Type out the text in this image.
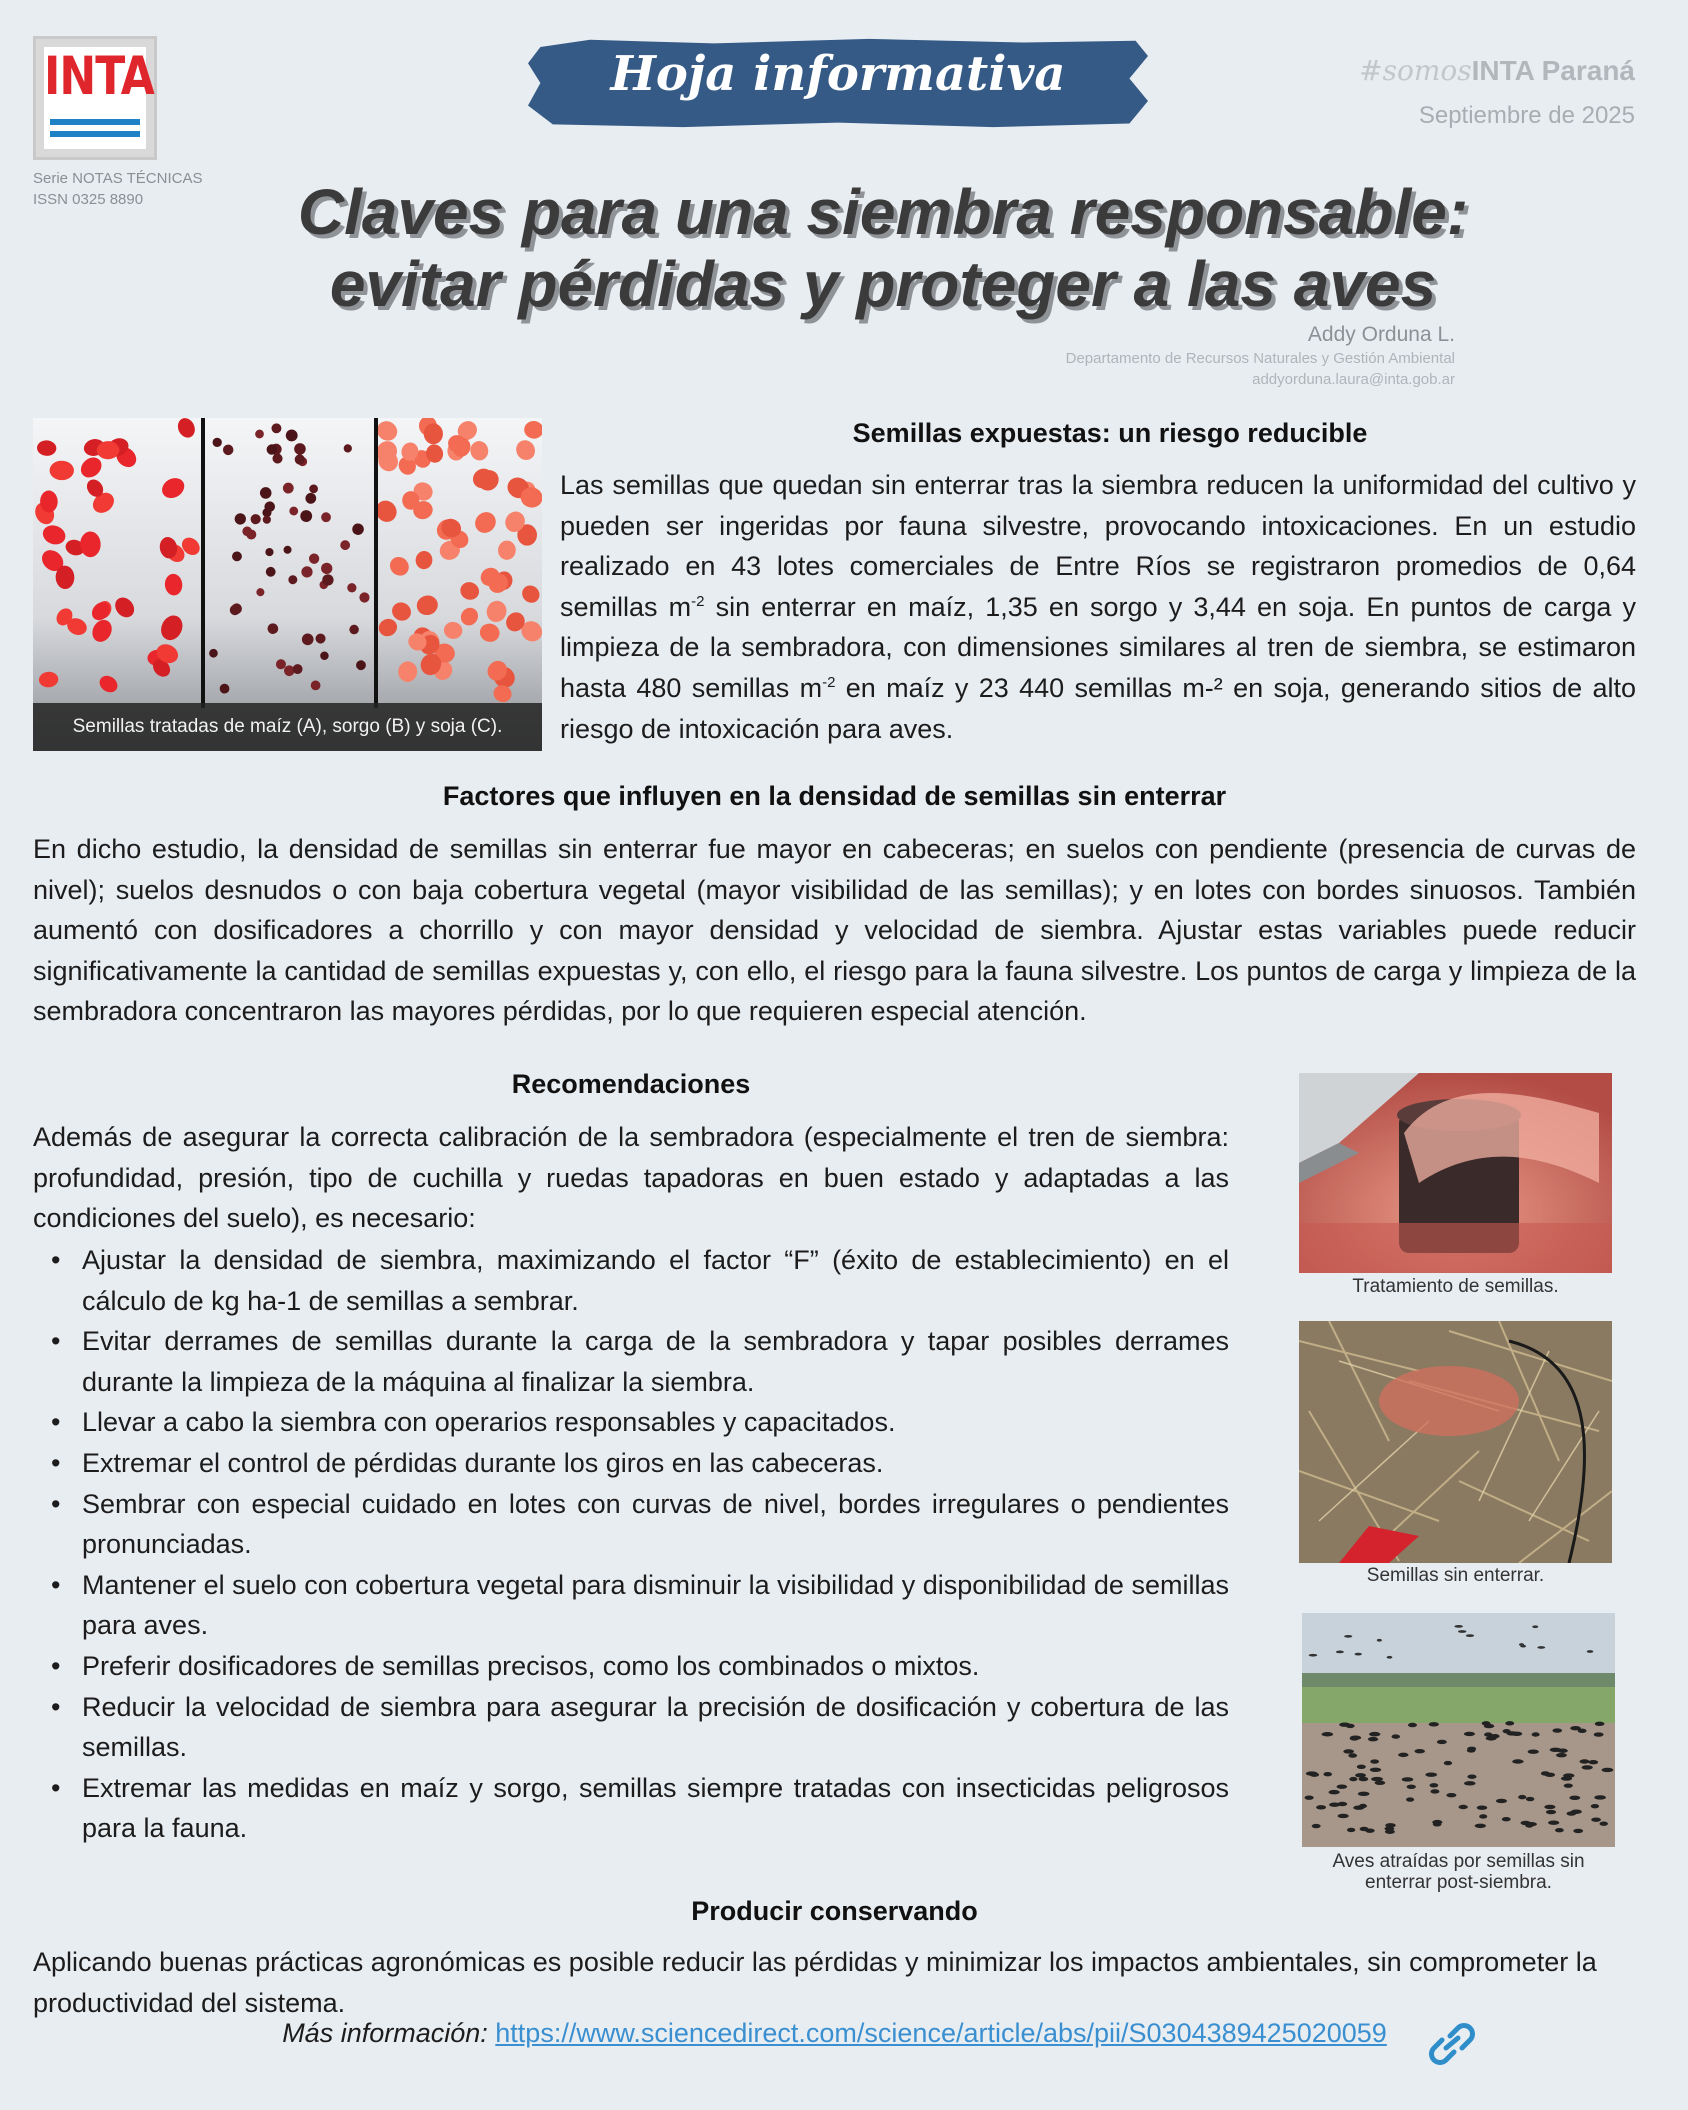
INTA
Serie NOTAS TÉCNICAS
ISSN 0325 8890
Hoja informativa	#somosINTA Paraná
Septiembre de 2025
Claves para una siembra responsable:
evitar pérdidas y proteger a las aves
Addy Orduna L.
Departamento de Recursos Naturales y Gestión Ambiental
addyorduna.laura@inta.gob.ar
Semillas tratadas de maíz (A), sorgo (B) y soja (C).
Semillas expuestas: un riesgo reducible

Las semillas que quedan sin enterrar tras la siembra reducen la uniformidad del cultivo y pueden ser ingeridas por fauna silvestre, provocando intoxicaciones. En un estudio realizado en 43 lotes comerciales de Entre Ríos se registraron promedios de 0,64 semillas $m^{-2}$ sin enterrar en maíz, 1,35 en sorgo y 3,44 en soja. En puntos de carga y limpieza de la sembradora, con dimensiones similares al tren de siembra, se estimaron hasta 480 semillas $m^{-2}$ en maíz y 23 440 semillas m-² en soja, generando sitios de alto riesgo de intoxicación para aves.

Factores que influyen en la densidad de semillas sin enterrar

En dicho estudio, la densidad de semillas sin enterrar fue mayor en cabeceras; en suelos con pendiente (presencia de curvas de nivel); suelos desnudos o con baja cobertura vegetal (mayor visibilidad de las semillas); y en lotes con bordes sinuosos. También aumentó con dosificadores a chorrillo y con mayor densidad y velocidad de siembra. Ajustar estas variables puede reducir significativamente la cantidad de semillas expuestas y, con ello, el riesgo para la fauna silvestre. Los puntos de carga y limpieza de la sembradora concentraron las mayores pérdidas, por lo que requieren especial atención.

Recomendaciones

Además de asegurar la correcta calibración de la sembradora (especialmente el tren de siembra: profundidad, presión, tipo de cuchilla y ruedas tapadoras en buen estado y adaptadas a las condiciones del suelo), es necesario:

• Ajustar la densidad de siembra, maximizando el factor “F” (éxito de establecimiento) en el cálculo de kg ha-1 de semillas a sembrar.
• Evitar derrames de semillas durante la carga de la sembradora y tapar posibles derrames durante la limpieza de la máquina al finalizar la siembra.
• Llevar a cabo la siembra con operarios responsables y capacitados.
• Extremar el control de pérdidas durante los giros en las cabeceras.
• Sembrar con especial cuidado en lotes con curvas de nivel, bordes irregulares o pendientes pronunciadas.
• Mantener el suelo con cobertura vegetal para disminuir la visibilidad y disponibilidad de semillas para aves.
• Preferir dosificadores de semillas precisos, como los combinados o mixtos.
• Reducir la velocidad de siembra para asegurar la precisión de dosificación y cobertura de las semillas.
• Extremar las medidas en maíz y sorgo, semillas siempre tratadas con insecticidas peligrosos para la fauna.
Tratamiento de semillas.
Semillas sin enterrar.
Aves atraídas por semillas sin enterrar post-siembra.
Producir conservando

Aplicando buenas prácticas agronómicas es posible reducir las pérdidas y minimizar los impactos ambientales, sin comprometer la productividad del sistema.

Más información: https://www.sciencedirect.com/science/article/abs/pii/S0304389425020059
